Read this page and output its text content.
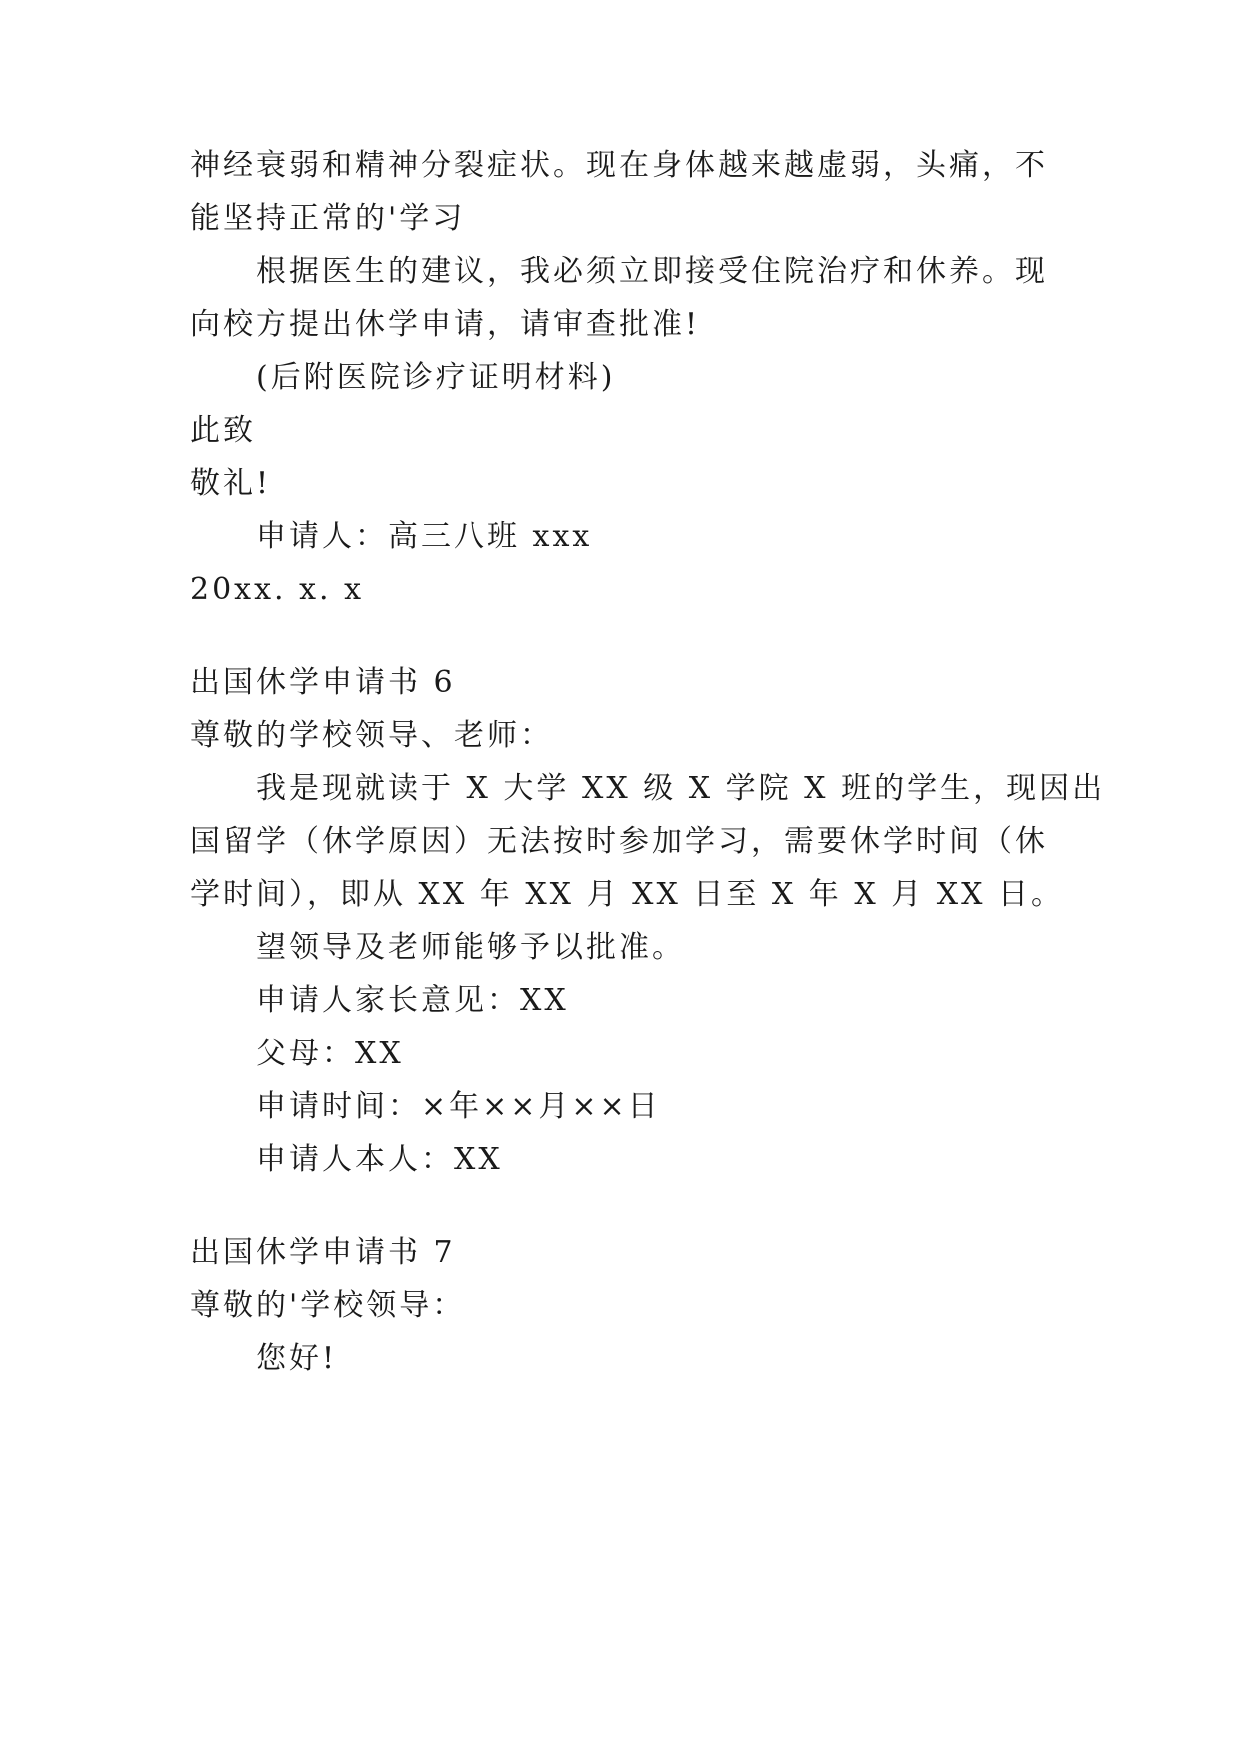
神经衰弱和精神分裂症状。现在身体越来越虚弱，头痛，不

能坚持正常的'学习

根据医生的建议，我必须立即接受住院治疗和休养。现

向校方提出休学申请，请审查批准!

(后附医院诊疗证明材料)

此致

敬礼!

申请人：高三八班 xxx

20xx. x. x

出国休学申请书 6

尊敬的学校领导、老师：

我是现就读于 X 大学 XX 级 X 学院 X 班的学生，现因出

国留学（休学原因）无法按时参加学习，需要休学时间（休

学时间），即从 XX 年 XX 月 XX 日至 X 年 X 月 XX 日。

望领导及老师能够予以批准。

申请人家长意见：XX

父母：XX

申请时间：×年××月××日

申请人本人：XX

出国休学申请书 7

尊敬的'学校领导：

您好!
